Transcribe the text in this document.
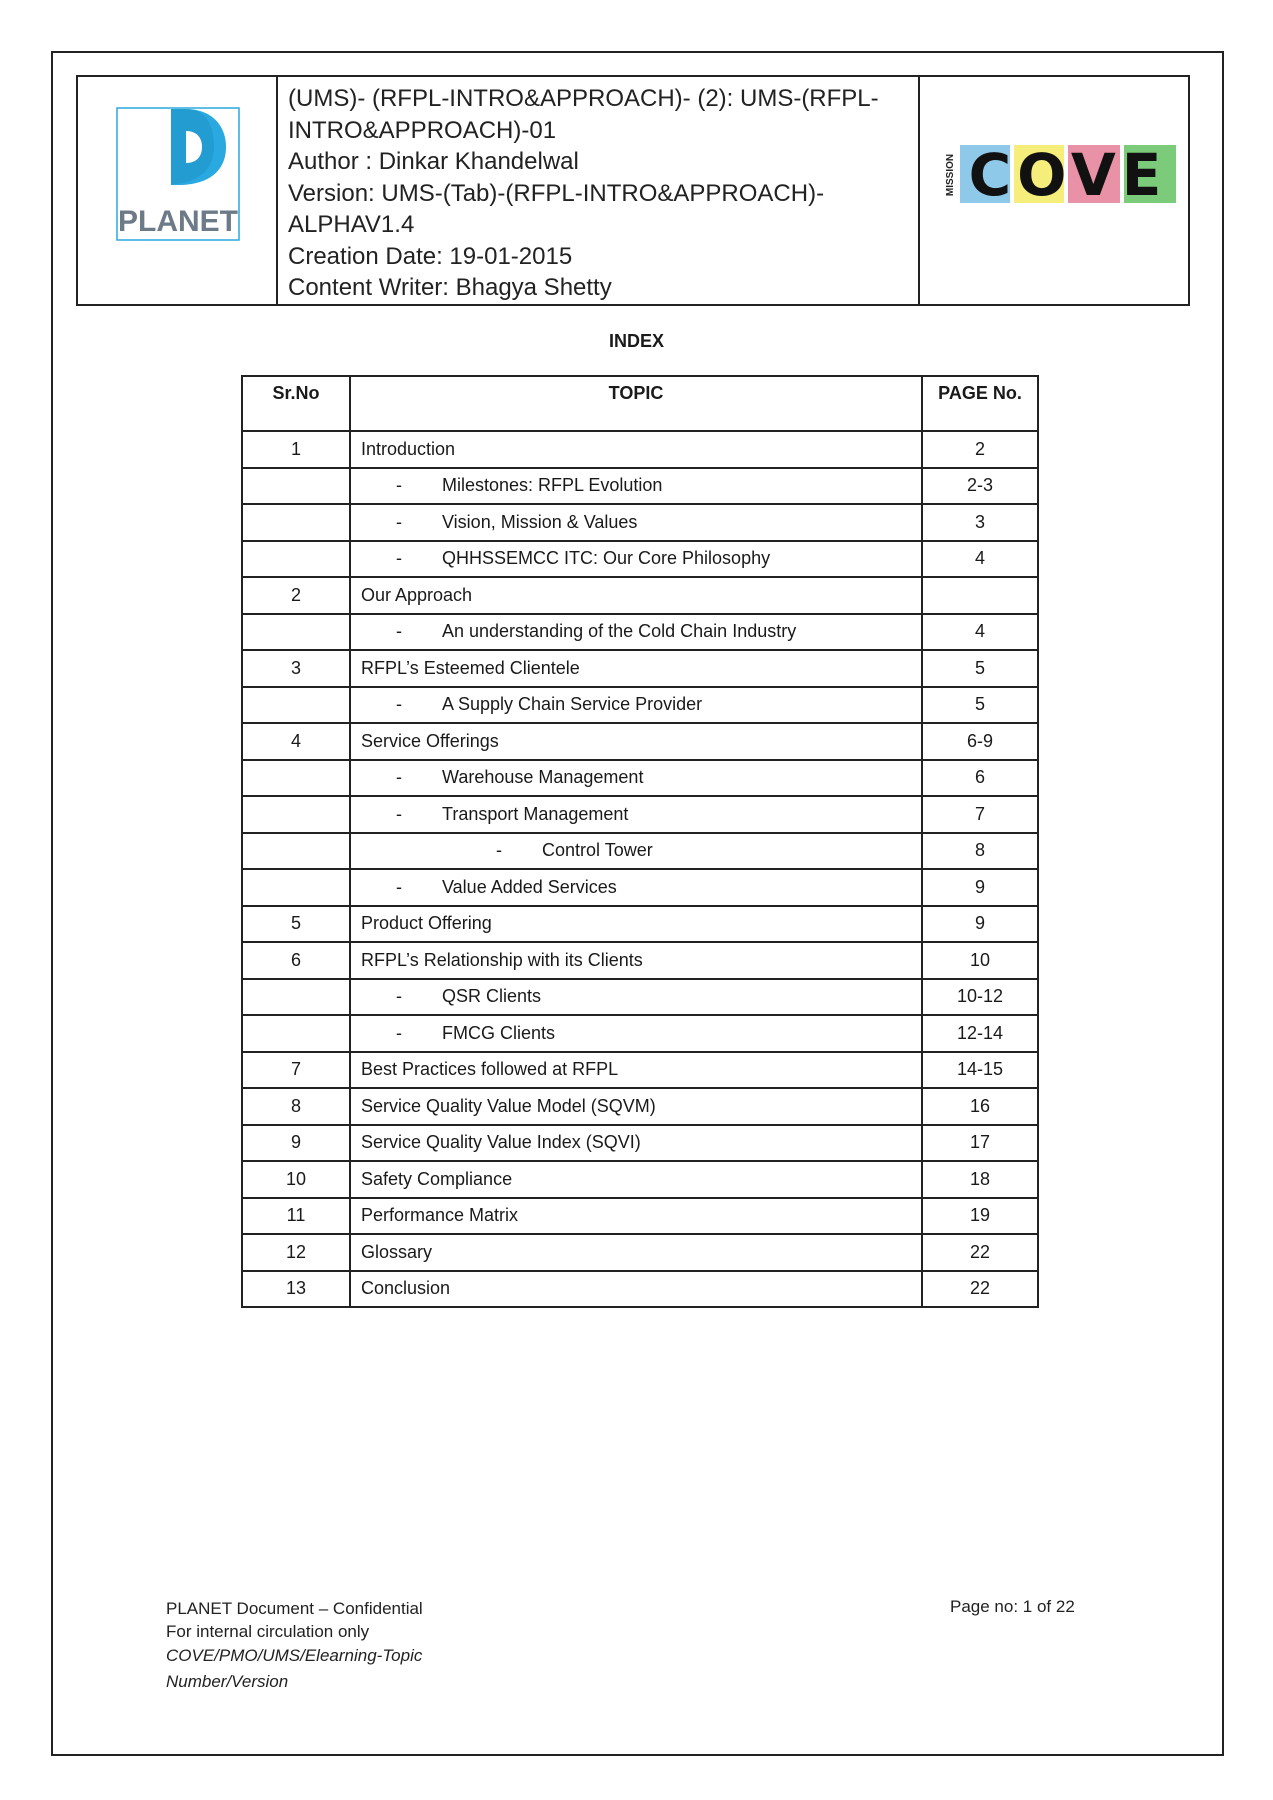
PLANET

(UMS)- (RFPL-INTRO&APPROACH)- (2): UMS-(RFPL-
INTRO&APPROACH)-01
Author : Dinkar Khandelwal
Version: UMS-(Tab)-(RFPL-INTRO&APPROACH)-
ALPHAV1.4
Creation Date: 19-01-2015
Content Writer: Bhagya Shetty

MISSION COVE
INDEX
Sr.No	TOPIC	PAGE No.
1	Introduction	2
	- Milestones: RFPL Evolution	2-3
	- Vision, Mission & Values	3
	- QHHSSEMCC ITC: Our Core Philosophy	4
2	Our Approach	
	- An understanding of the Cold Chain Industry	4
3	RFPL’s Esteemed Clientele	5
	- A Supply Chain Service Provider	5
4	Service Offerings	6-9
	- Warehouse Management	6
	- Transport Management	7
	- Control Tower	8
	- Value Added Services	9
5	Product Offering	9
6	RFPL’s Relationship with its Clients	10
	- QSR Clients	10-12
	- FMCG Clients	12-14
7	Best Practices followed at RFPL	14-15
8	Service Quality Value Model (SQVM)	16
9	Service Quality Value Index (SQVI)	17
10	Safety Compliance	18
11	Performance Matrix	19
12	Glossary	22
13	Conclusion	22
PLANET Document – Confidential
For internal circulation only
COVE/PMO/UMS/Elearning-Topic
Number/Version
Page no: 1 of 22
